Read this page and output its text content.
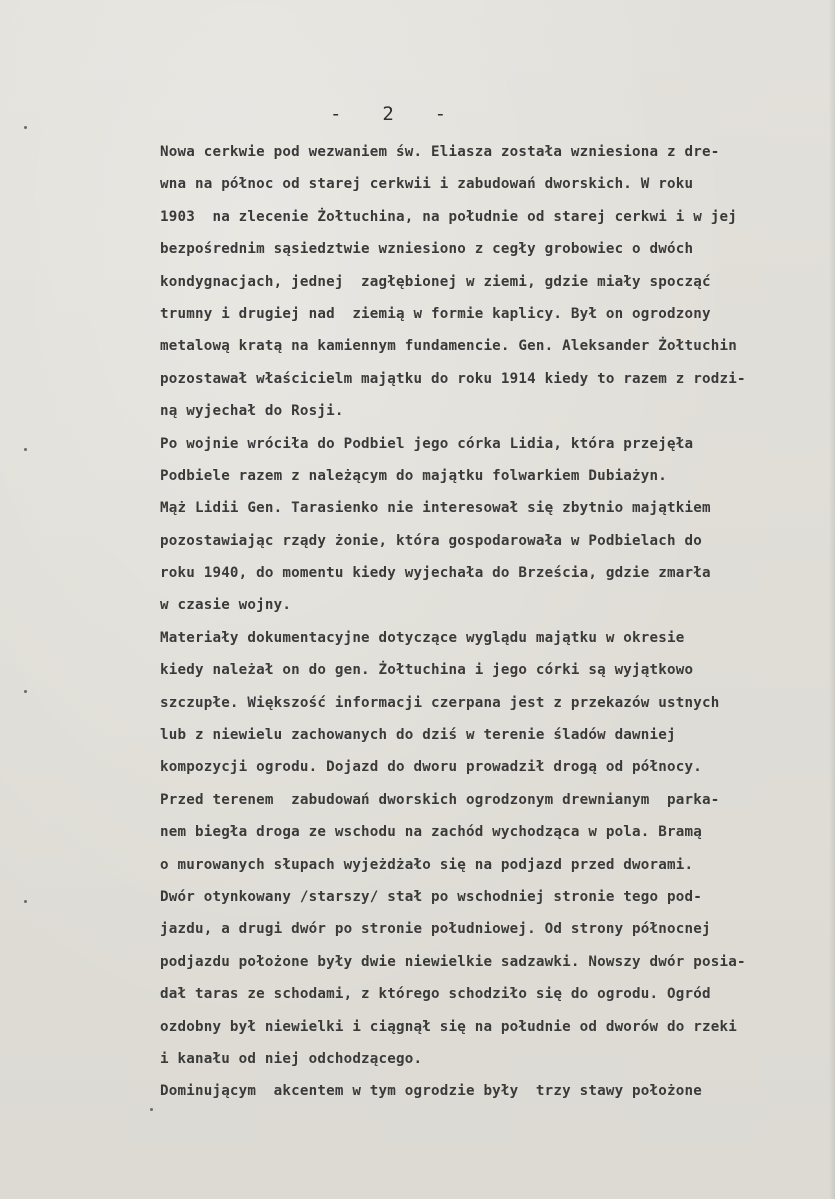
-  2  -
Nowa cerkwie pod wezwaniem św. Eliasza została wzniesiona z dre-
wna na północ od starej cerkwii i zabudowań dworskich. W roku
1903  na zlecenie Żołtuchina, na południe od starej cerkwi i w jej
bezpośrednim sąsiedztwie wzniesiono z cegły grobowiec o dwóch
kondygnacjach, jednej  zagłębionej w ziemi, gdzie miały spocząć
trumny i drugiej nad  ziemią w formie kaplicy. Był on ogrodzony
metalową kratą na kamiennym fundamencie. Gen. Aleksander Żołtuchin
pozostawał właścicielm majątku do roku 1914 kiedy to razem z rodzi-
ną wyjechał do Rosji.
Po wojnie wróciła do Podbiel jego córka Lidia, która przejęła
Podbiele razem z należącym do majątku folwarkiem Dubiażyn.
Mąż Lidii Gen. Tarasienko nie interesował się zbytnio majątkiem
pozostawiając rządy żonie, która gospodarowała w Podbielach do
roku 1940, do momentu kiedy wyjechała do Brześcia, gdzie zmarła
w czasie wojny.
Materiały dokumentacyjne dotyczące wyglądu majątku w okresie
kiedy należał on do gen. Żołtuchina i jego córki są wyjątkowo
szczupłe. Większość informacji czerpana jest z przekazów ustnych
lub z niewielu zachowanych do dziś w terenie śladów dawniej
kompozycji ogrodu. Dojazd do dworu prowadził drogą od północy.
Przed terenem  zabudowań dworskich ogrodzonym drewnianym  parka-
nem biegła droga ze wschodu na zachód wychodząca w pola. Bramą
o murowanych słupach wyjeżdżało się na podjazd przed dworami.
Dwór otynkowany /starszy/ stał po wschodniej stronie tego pod-
jazdu, a drugi dwór po stronie południowej. Od strony północnej
podjazdu położone były dwie niewielkie sadzawki. Nowszy dwór posia-
dał taras ze schodami, z którego schodziło się do ogrodu. Ogród
ozdobny był niewielki i ciągnął się na południe od dworów do rzeki
i kanału od niej odchodzącego.
Dominującym  akcentem w tym ogrodzie były  trzy stawy położone
